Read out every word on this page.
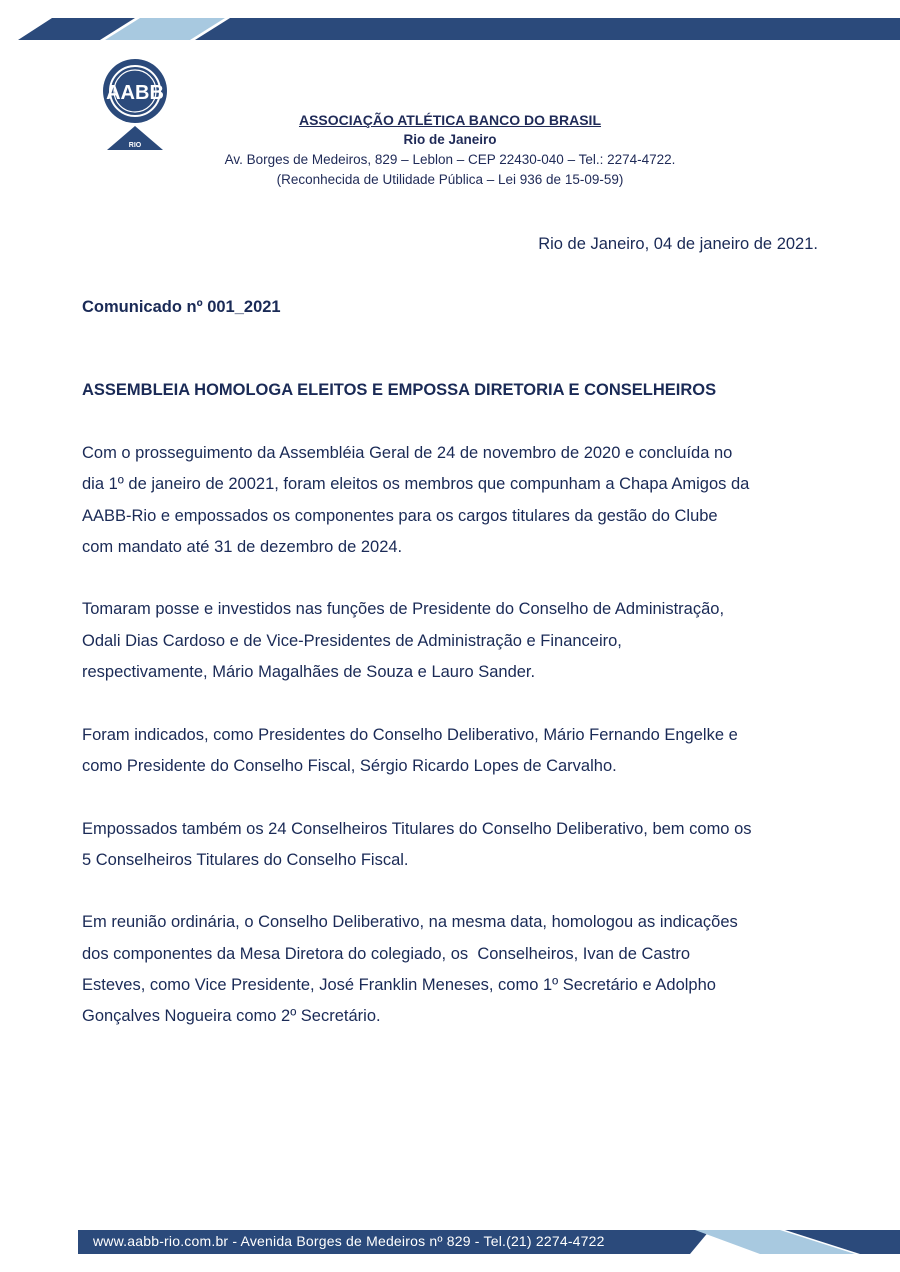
AABB
RIO
ASSOCIAÇÃO ATLÉTICA BANCO DO BRASIL
Rio de Janeiro
Av. Borges de Medeiros, 829 – Leblon – CEP 22430-040 – Tel.: 2274-4722.
(Reconhecida de Utilidade Pública – Lei 936 de 15-09-59)
Rio de Janeiro, 04 de janeiro de 2021.
Comunicado nº 001_2021
ASSEMBLEIA HOMOLOGA ELEITOS E EMPOSSA DIRETORIA E CONSELHEIROS

Com o prosseguimento da Assembléia Geral de 24 de novembro de 2020 e concluída no
dia 1º de janeiro de 20021, foram eleitos os membros que compunham a Chapa Amigos da
AABB-Rio e empossados os componentes para os cargos titulares da gestão do Clube
com mandato até 31 de dezembro de 2024.

Tomaram posse e investidos nas funções de Presidente do Conselho de Administração,
Odali Dias Cardoso e de Vice-Presidentes de Administração e Financeiro,
respectivamente, Mário Magalhães de Souza e Lauro Sander.

Foram indicados, como Presidentes do Conselho Deliberativo, Mário Fernando Engelke e
como Presidente do Conselho Fiscal, Sérgio Ricardo Lopes de Carvalho.

Empossados também os 24 Conselheiros Titulares do Conselho Deliberativo, bem como os
5 Conselheiros Titulares do Conselho Fiscal.

Em reunião ordinária, o Conselho Deliberativo, na mesma data, homologou as indicações
dos componentes da Mesa Diretora do colegiado, os  Conselheiros, Ivan de Castro
Esteves, como Vice Presidente, José Franklin Meneses, como 1º Secretário e Adolpho
Gonçalves Nogueira como 2º Secretário.

www.aabb-rio.com.br - Avenida Borges de Medeiros nº 829 - Tel.(21) 2274-4722
